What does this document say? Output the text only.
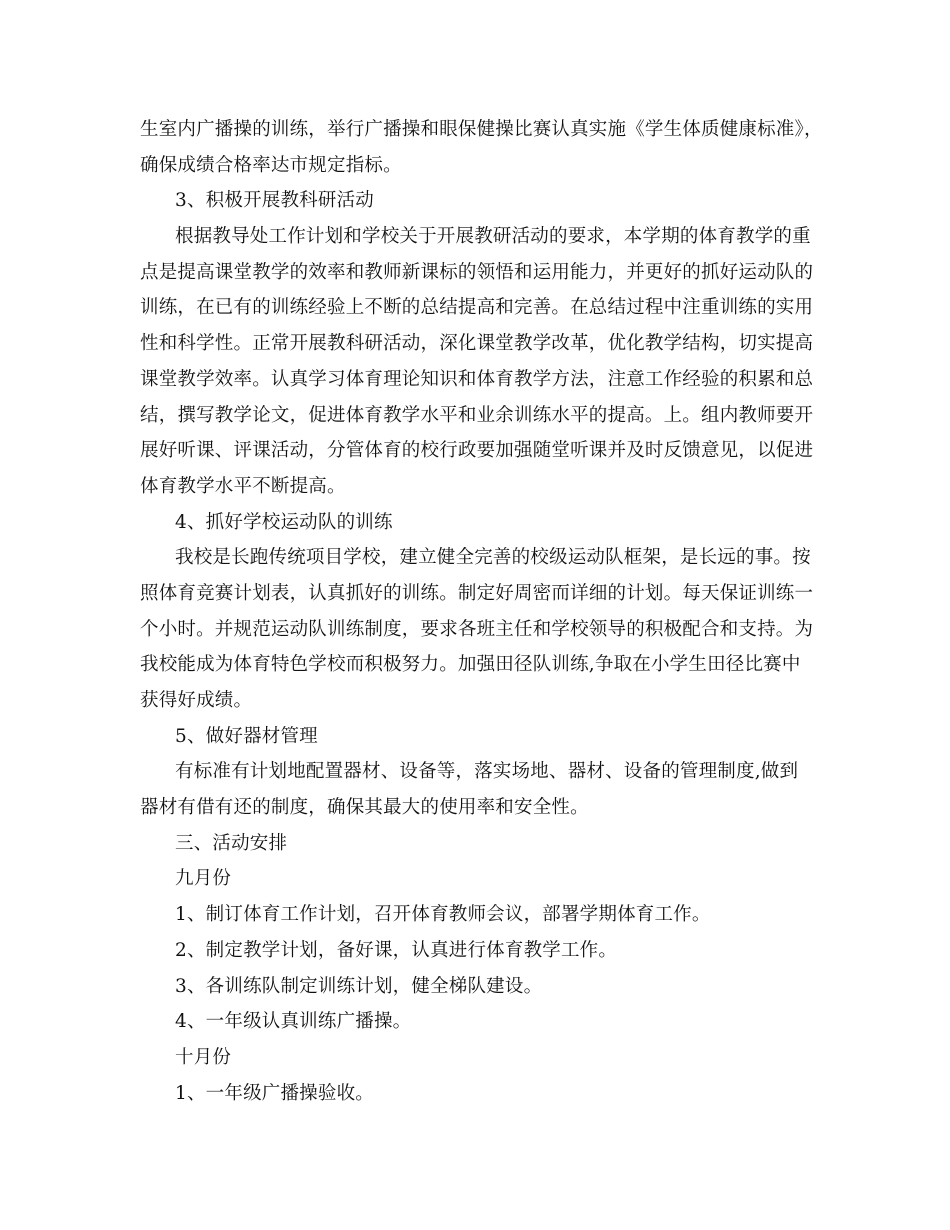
生室内广播操的训练，举行广播操和眼保健操比赛认真实施《学生体质健康标准》，
确保成绩合格率达市规定指标。
3、积极开展教科研活动
根据教导处工作计划和学校关于开展教研活动的要求，本学期的体育教学的重
点是提高课堂教学的效率和教师新课标的领悟和运用能力，并更好的抓好运动队的
训练，在已有的训练经验上不断的总结提高和完善。在总结过程中注重训练的实用
性和科学性。正常开展教科研活动，深化课堂教学改革，优化教学结构，切实提高
课堂教学效率。认真学习体育理论知识和体育教学方法，注意工作经验的积累和总
结，撰写教学论文，促进体育教学水平和业余训练水平的提高。上。组内教师要开
展好听课、评课活动，分管体育的校行政要加强随堂听课并及时反馈意见，以促进
体育教学水平不断提高。
4、抓好学校运动队的训练
我校是长跑传统项目学校，建立健全完善的校级运动队框架，是长远的事。按
照体育竞赛计划表，认真抓好的训练。制定好周密而详细的计划。每天保证训练一
个小时。并规范运动队训练制度，要求各班主任和学校领导的积极配合和支持。为
我校能成为体育特色学校而积极努力。加强田径队训练,争取在小学生田径比赛中
获得好成绩。
5、做好器材管理
有标准有计划地配置器材、设备等，落实场地、器材、设备的管理制度,做到
器材有借有还的制度，确保其最大的使用率和安全性。
三、活动安排
九月份
1、制订体育工作计划，召开体育教师会议，部署学期体育工作。
2、制定教学计划，备好课，认真进行体育教学工作。
3、各训练队制定训练计划，健全梯队建设。
4、一年级认真训练广播操。
十月份
1、一年级广播操验收。
